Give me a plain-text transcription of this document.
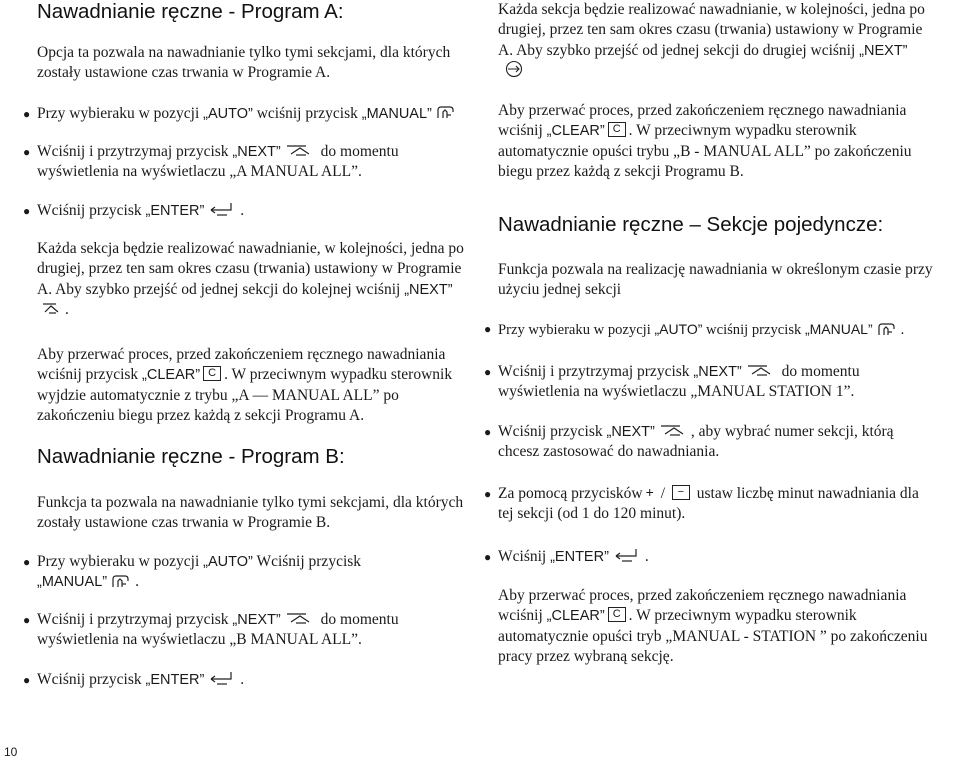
Nawadnianie ręczne - Program A:

Opcja ta pozwala na nawadnianie tylko tymi sekcjami, dla których zostały ustawione czas trwania w Programie A.

● Przy wybieraku w pozycji „AUTO” wciśnij przycisk „MANUAL”

● Wciśnij i przytrzymaj przycisk „NEXT”
do momentu wyświetlenia na wyświetlaczu „A MANUAL ALL”.

● Wciśnij przycisk „ENTER” .

Każda sekcja będzie realizować nawadnianie, w kolejności, jedna po drugiej, przez ten sam okres czasu (trwania) ustawiony w Programie A. Aby szybko przejść od jednej sekcji do kolejnej wciśnij „NEXT”
.

Aby przerwać proces, przed zakończeniem ręcznego nawadniania wciśnij przycisk „CLEAR” C . W przeciwnym wypadku sterownik wyjdzie automatycznie z trybu „A — MANUAL ALL” po zakończeniu biegu przez każdą z sekcji Programu A.

Nawadnianie ręczne - Program B:

Funkcja ta pozwala na nawadnianie tylko tymi sekcjami, dla których zostały ustawione czas trwania w Programie B.

● Przy wybieraku w pozycji „AUTO” Wciśnij przycisk
„MANUAL” .

● Wciśnij i przytrzymaj przycisk „NEXT”
do momentu wyświetlenia na wyświetlaczu „B MANUAL ALL”.

● Wciśnij przycisk „ENTER” .

Każda sekcja będzie realizować nawadnianie, w kolejności, jedna po drugiej, przez ten sam okres czasu (trwania) ustawiony w Programie A. Aby szybko przejść od jednej sekcji do drugiej wciśnij „NEXT”

Aby przerwać proces, przed zakończeniem ręcznego nawadniania wciśnij „CLEAR” C . W przeciwnym wypadku sterownik automatycznie opuści trybu „B - MANUAL ALL” po zakończeniu biegu przez każdą z sekcji Programu B.

Nawadnianie ręczne – Sekcje pojedyncze:

Funkcja pozwala na realizację nawadniania w określonym czasie przy użyciu jednej sekcji

● Przy wybieraku w pozycji „AUTO” wciśnij przycisk „MANUAL” .

● Wciśnij i przytrzymaj przycisk „NEXT”
do momentu wyświetlenia na wyświetlaczu „MANUAL STATION 1”.

● Wciśnij przycisk „NEXT” , aby wybrać numer sekcji, którą chcesz zastosować do nawadniania.

● Za pomocą przycisków + / − ustaw liczbę minut nawadniania dla tej sekcji (od 1 do 120 minut).

● Wciśnij „ENTER” .

Aby przerwać proces, przed zakończeniem ręcznego nawadniania wciśnij „CLEAR” C . W przeciwnym wypadku sterownik automatycznie opuści tryb „MANUAL - STATION ” po zakończeniu pracy przez wybraną sekcję.

10
